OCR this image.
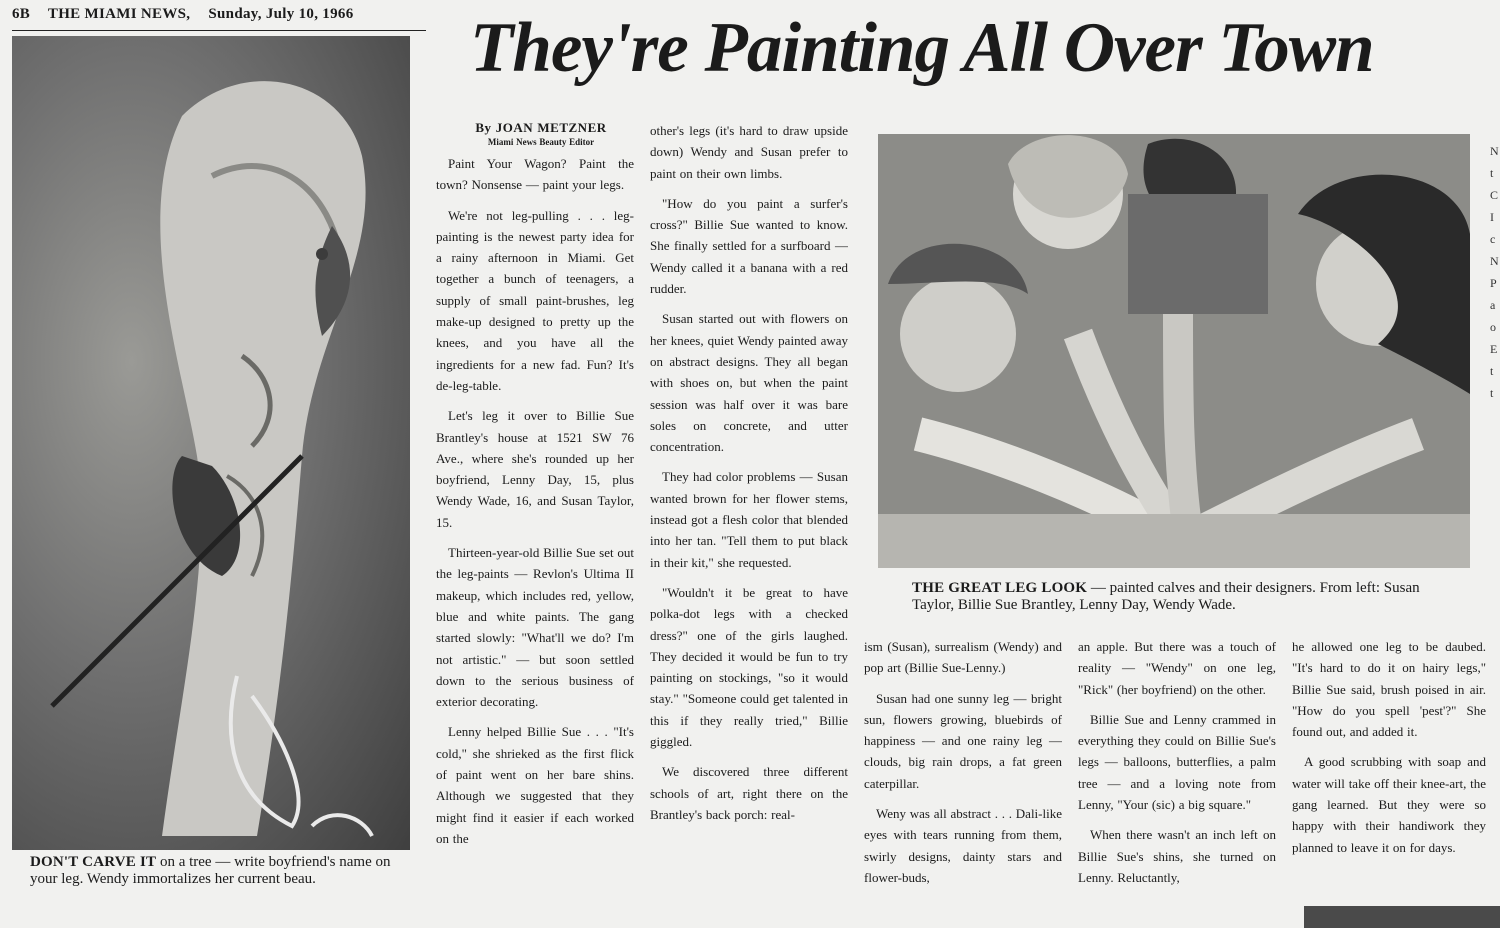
6B THE MIAMI NEWS, Sunday, July 10, 1966	They're Painting All Over Town
DON'T CARVE IT on a tree — write boyfriend's name on your leg. Wendy immortalizes her current beau.

By JOAN METZNER

Miami News Beauty Editor

Paint Your Wagon? Paint the town? Nonsense — paint your legs.

We're not leg-pulling . . . leg-painting is the newest party idea for a rainy afternoon in Miami. Get together a bunch of teenagers, a supply of small paint-brushes, leg make-up designed to pretty up the knees, and you have all the ingredients for a new fad. Fun? It's de-leg-table.

Let's leg it over to Billie Sue Brantley's house at 1521 SW 76 Ave., where she's rounded up her boyfriend, Lenny Day, 15, plus Wendy Wade, 16, and Susan Taylor, 15.

Thirteen-year-old Billie Sue set out the leg-paints — Revlon's Ultima II makeup, which includes red, yellow, blue and white paints. The gang started slowly: "What'll we do? I'm not artistic." — but soon settled down to the serious business of exterior decorating.

Lenny helped Billie Sue . . . "It's cold," she shrieked as the first flick of paint went on her bare shins. Although we suggested that they might find it easier if each worked on the

other's legs (it's hard to draw upside down) Wendy and Susan prefer to paint on their own limbs.

"How do you paint a surfer's cross?" Billie Sue wanted to know. She finally settled for a surfboard — Wendy called it a banana with a red rudder.

Susan started out with flowers on her knees, quiet Wendy painted away on abstract designs. They all began with shoes on, but when the paint session was half over it was bare soles on concrete, and utter concentration.

They had color problems — Susan wanted brown for her flower stems, instead got a flesh color that blended into her tan. "Tell them to put black in their kit," she requested.

"Wouldn't it be great to have polka-dot legs with a checked dress?" one of the girls laughed. They decided it would be fun to try painting on stockings, "so it would stay." "Someone could get talented in this if they really tried," Billie giggled.

We discovered three different schools of art, right there on the Brantley's back porch: real-

THE GREAT LEG LOOK — painted calves and their designers. From left: Susan Taylor, Billie Sue Brantley, Lenny Day, Wendy Wade.

ism (Susan), surrealism (Wendy) and pop art (Billie Sue-Lenny.)

Susan had one sunny leg — bright sun, flowers growing, bluebirds of happiness — and one rainy leg — clouds, big rain drops, a fat green caterpillar.

Weny was all abstract . . . Dali-like eyes with tears running from them, swirly designs, dainty stars and flower-buds,

an apple. But there was a touch of reality — "Wendy" on one leg, "Rick" (her boyfriend) on the other.

Billie Sue and Lenny crammed in everything they could on Billie Sue's legs — balloons, butterflies, a palm tree — and a loving note from Lenny, "Your (sic) a big square."

When there wasn't an inch left on Billie Sue's shins, she turned on Lenny. Reluctantly,

he allowed one leg to be daubed. "It's hard to do it on hairy legs," Billie Sue said, brush poised in air. "How do you spell 'pest'?" She found out, and added it.

A good scrubbing with soap and water will take off their knee-art, the gang learned. But they were so happy with their handiwork they planned to leave it on for days.

N
t
C
I
c
N
P
a
o
E
t
t
